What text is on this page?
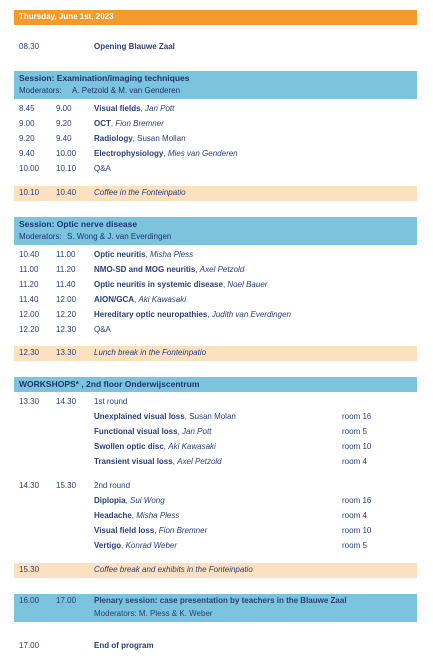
Thursday, June 1st, 2023
08.30	Opening Blauwe Zaal
Session: Examination/imaging techniques
Moderators: A. Petzold & M. van Genderen
8.45	9.00	Visual fields, Jan Pott
9.00	9.20	OCT, Fion Bremner
9.20	9.40	Radiology, Susan Mollan
9.40	10.00 Electrophysiology, Mies van Genderen
10.00 10.10 Q&A
10.10 10.40 Coffee in the Fonteinpatio
Session: Optic nerve disease
Moderators: S. Wong & J. van Everdingen
10.40 11.00 Optic neuritis, Misha Pless
11.00 11.20 NMO-SD and MOG neuritis, Axel Petzold
11.20 11.40 Optic neuritis in systemic disease, Noel Bauer
11.40 12.00 AION/GCA, Aki Kawasaki
12.00 12.20 Hereditary optic neuropathies, Judith van Everdingen
12.20 12.30 Q&A
12.30 13.30 Lunch break in the Fonteinpatio
WORKSHOPS* , 2nd floor Onderwijscentrum
13.30 14.30 1st round
Unexplained visual loss, Susan Molan	room 16
Functional visual loss, Jan Pott	room 5
Swollen optic disc, Aki Kawasaki	room 10
Transient visual loss, Axel Petzold	room 4
14.30 15.30 2nd round
Diplopia, Sui Wong	room 16
Headache, Misha Pless	room 4
Visual field loss, Fion Bremner	room 10
Vertigo, Konrad Weber	room 5
15.30	Coffee break and exhibits in the Fonteinpatio
16.00 17.00 Plenary session: case presentation by teachers in the Blauwe Zaal
Moderators: M. Pless & K. Weber
17.00	End of program
